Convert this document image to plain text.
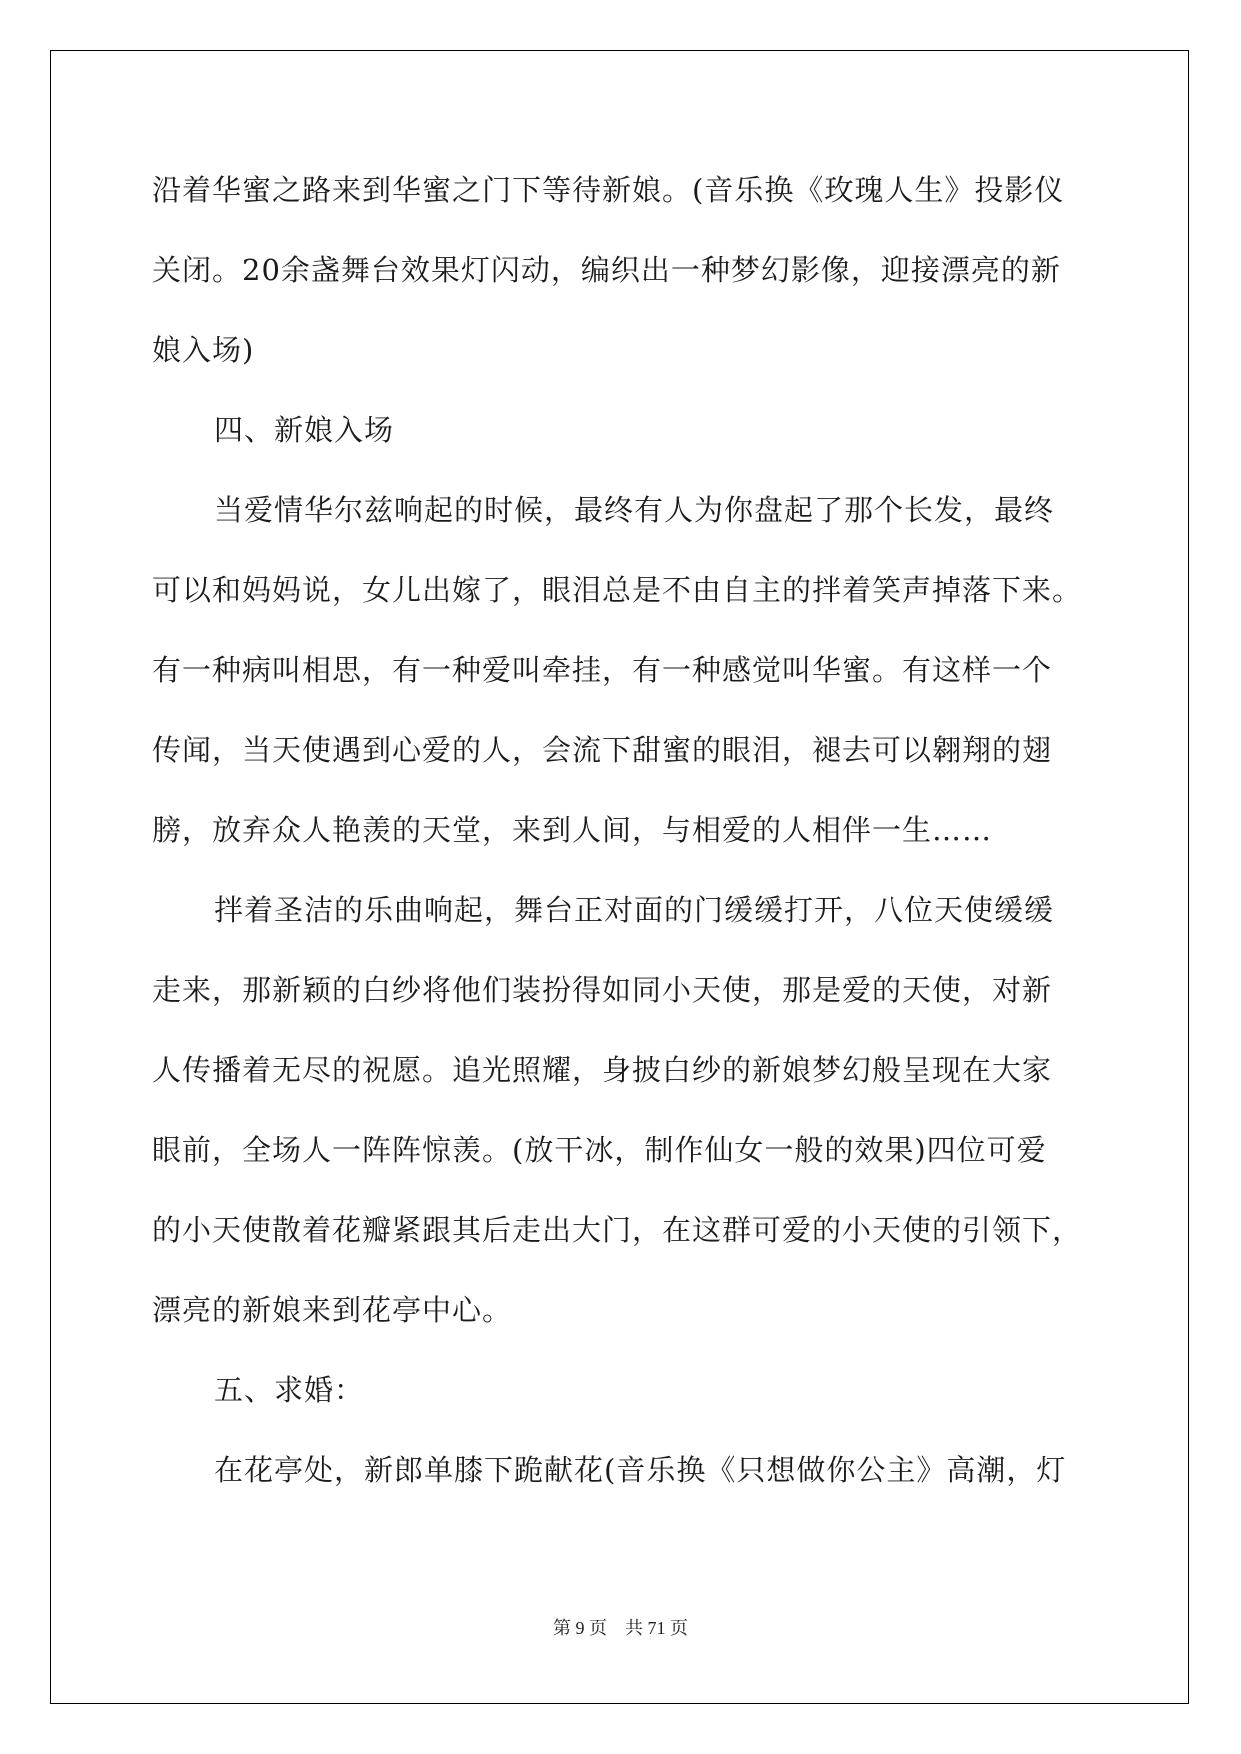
沿着华蜜之路来到华蜜之门下等待新娘。(音乐换《玫瑰人生》投影仪
关闭。20余盏舞台效果灯闪动，编织出一种梦幻影像，迎接漂亮的新
娘入场)
四、新娘入场
当爱情华尔兹响起的时候，最终有人为你盘起了那个长发，最终
可以和妈妈说，女儿出嫁了，眼泪总是不由自主的拌着笑声掉落下来。
有一种病叫相思，有一种爱叫牵挂，有一种感觉叫华蜜。有这样一个
传闻，当天使遇到心爱的人，会流下甜蜜的眼泪，褪去可以翱翔的翅
膀，放弃众人艳羡的天堂，来到人间，与相爱的人相伴一生……
拌着圣洁的乐曲响起，舞台正对面的门缓缓打开，八位天使缓缓
走来，那新颖的白纱将他们装扮得如同小天使，那是爱的天使，对新
人传播着无尽的祝愿。追光照耀，身披白纱的新娘梦幻般呈现在大家
眼前，全场人一阵阵惊羡。(放干冰，制作仙女一般的效果)四位可爱
的小天使散着花瓣紧跟其后走出大门，在这群可爱的小天使的引领下，
漂亮的新娘来到花亭中心。
五、求婚：
在花亭处，新郎单膝下跪献花(音乐换《只想做你公主》高潮，灯
第 9 页　共 71 页
